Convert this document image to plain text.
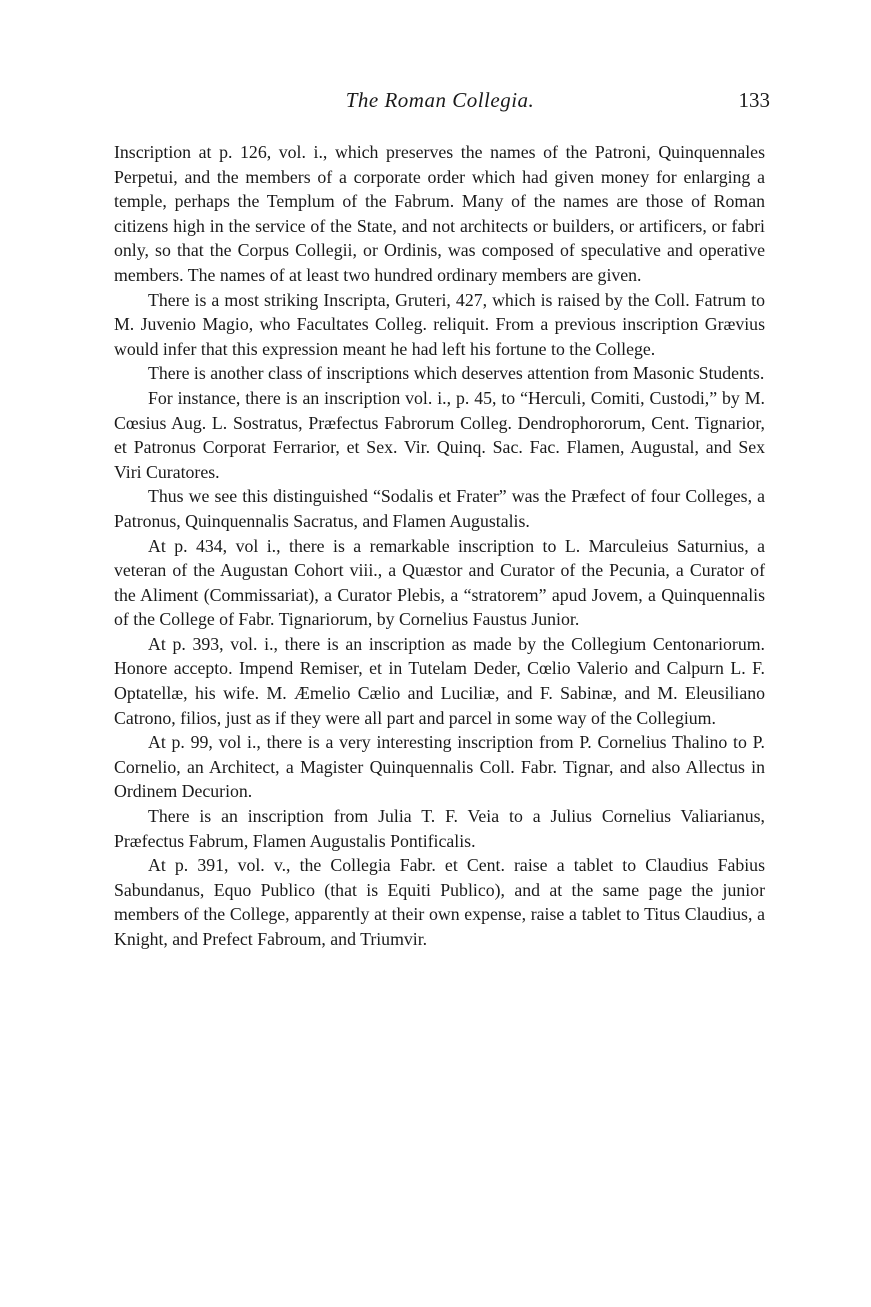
The Roman Collegia.	133

Inscription at p. 126, vol. i., which preserves the names of the Patroni, Quinquennales Perpetui, and the members of a corporate order which had given money for enlarging a temple, perhaps the Templum of the Fabrum. Many of the names are those of Roman citizens high in the service of the State, and not architects or builders, or artificers, or fabri only, so that the Corpus Collegii, or Ordinis, was composed of speculative and operative members. The names of at least two hundred ordinary members are given.

There is a most striking Inscripta, Gruteri, 427, which is raised by the Coll. Fatrum to M. Juvenio Magio, who Facultates Colleg. reliquit. From a previous inscription Grævius would infer that this expression meant he had left his fortune to the College.

There is another class of inscriptions which deserves attention from Masonic Students.

For instance, there is an inscription vol. i., p. 45, to “Herculi, Comiti, Custodi,” by M. Cœsius Aug. L. Sostratus, Præfectus Fabrorum Colleg. Dendrophororum, Cent. Tignarior, et Patronus Corporat Ferrarior, et Sex. Vir. Quinq. Sac. Fac. Flamen, Augustal, and Sex Viri Curatores.

Thus we see this distinguished “Sodalis et Frater” was the Præfect of four Colleges, a Patronus, Quinquennalis Sacratus, and Flamen Augustalis.

At p. 434, vol i., there is a remarkable inscription to L. Marculeius Saturnius, a veteran of the Augustan Cohort viii., a Quæstor and Curator of the Pecunia, a Curator of the Aliment (Commissariat), a Curator Plebis, a “stratorem” apud Jovem, a Quinquennalis of the College of Fabr. Tignariorum, by Cornelius Faustus Junior.

At p. 393, vol. i., there is an inscription as made by the Collegium Centonariorum. Honore accepto. Impend Remiser, et in Tutelam Deder, Cœlio Valerio and Calpurn L. F. Optatellæ, his wife. M. Æmelio Cælio and Luciliæ, and F. Sabinæ, and M. Eleusiliano Catrono, filios, just as if they were all part and parcel in some way of the Collegium.

At p. 99, vol i., there is a very interesting inscription from P. Cornelius Thalino to P. Cornelio, an Architect, a Magister Quinquennalis Coll. Fabr. Tignar, and also Allectus in Ordinem Decurion.

There is an inscription from Julia T. F. Veia to a Julius Cornelius Valiarianus, Præfectus Fabrum, Flamen Augustalis Pontificalis.

At p. 391, vol. v., the Collegia Fabr. et Cent. raise a tablet to Claudius Fabius Sabundanus, Equo Publico (that is Equiti Publico), and at the same page the junior members of the College, apparently at their own expense, raise a tablet to Titus Claudius, a Knight, and Prefect Fabroum, and Triumvir.
